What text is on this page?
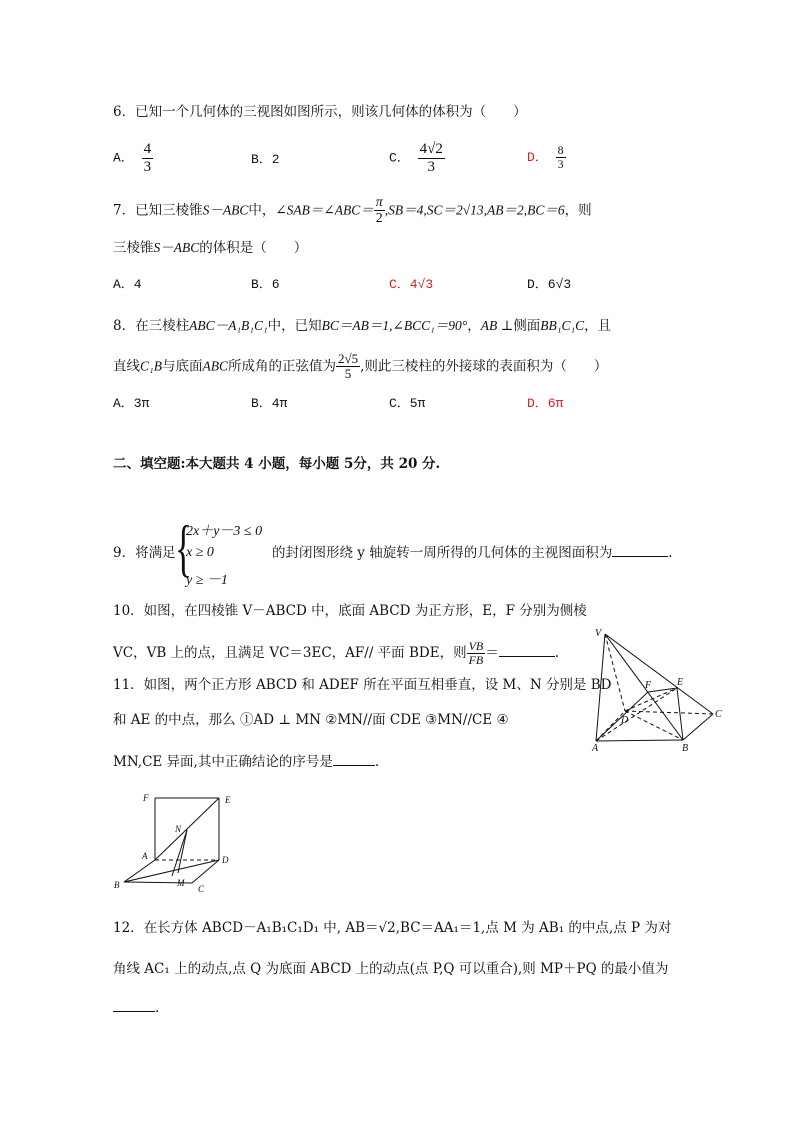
6．已知一个几何体的三视图如图所示，则该几何体的体积为（　　）
A． $\frac{4}{3}$	B．2	C． $\frac{4√2}{3}$	D． $\frac{8}{3}$
7．已知三棱锥S－ABC中，∠SAB＝∠ABC＝ $\frac{\pi}{2} ,SB=4,SC=2√13,AB=2,BC=6$，则
三棱锥S－ABC的体积是（　　）
A．4	B．6	C．4√3	D．6√3
8．在三棱柱ABC－A₁B₁C₁中，已知BC＝AB＝1,∠BCC₁＝90°，AB ⊥侧面BB₁C₁C，且
直线C₁B与底面ABC所成角的正弦值为 $\frac{2√5}{5}$ ,则此三棱柱的外接球的表面积为（　　）
A．3π	B．4π	C．5π	D．6π
二、填空题:本大题共 4 小题，每小题 5分，共 20 分.
{
2x＋y－3 ≤ 0
x ≥ 0
y ≥ －1
9．将满足	的封闭图形绕 y 轴旋转一周所得的几何体的主视图面积为	.
10．如图，在四棱锥 V－ABCD 中，底面 ABCD 为正方形，E，F 分别为侧棱
VC，VB 上的点，且满足 VC＝3EC，AF// 平面 BDE，则 $\frac{VB}{FB}$ ＝	.
11．如图，两个正方形 ABCD 和 ADEF 所在平面互相垂直，设 M、N 分别是 BD
和 AE 的中点，那么 ①AD ⊥ MN ②MN//面 CDE ③MN//CE ④
MN,CE 异面,其中正确结论的序号是	.
V
F	E
D
C
A	B
F	E
N
A	D
M
B	C
12．在长方体 ABCD－A₁B₁C₁D₁ 中, AB＝√2,BC＝AA₁＝1,点 M 为 AB₁ 的中点,点 P 为对
角线 AC₁ 上的动点,点 Q 为底面 ABCD 上的动点(点 P,Q 可以重合),则 MP＋PQ 的最小值为
.
